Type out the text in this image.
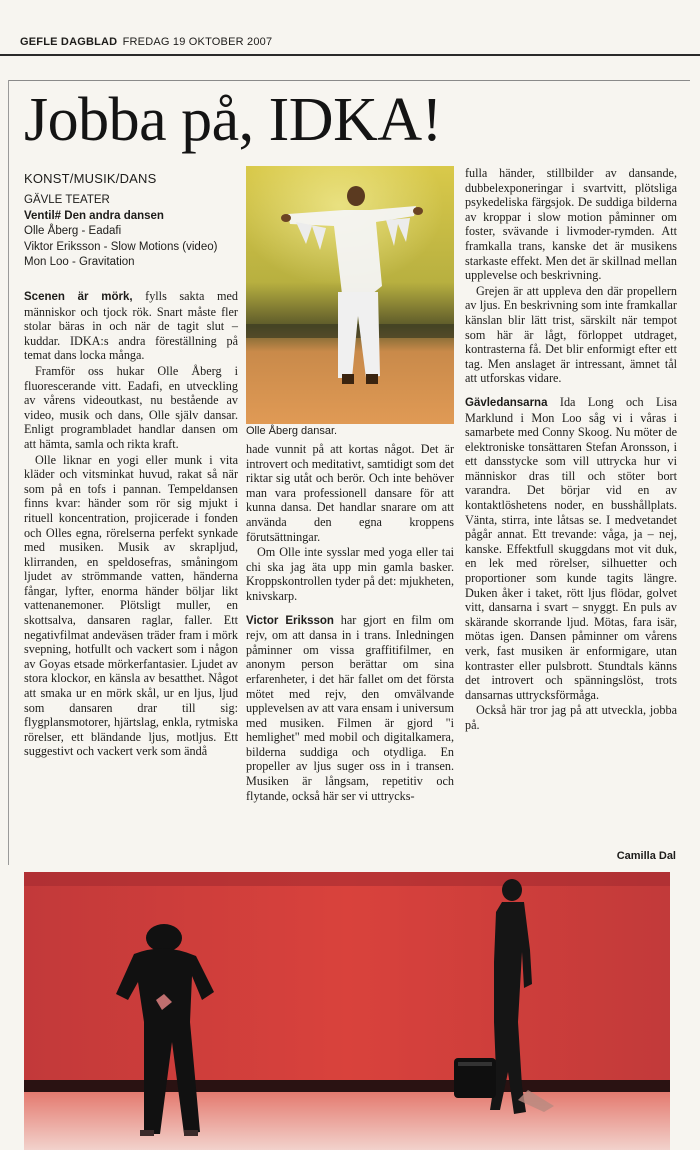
GEFLE DAGBLAD FREDAG 19 OKTOBER 2007
Jobba på, IDKA!
KONST/MUSIK/DANS
GÄVLE TEATER
Ventil# Den andra dansen
Olle Åberg - Eadafi
Viktor Eriksson - Slow Motions (video)
Mon Loo - Gravitation

Scenen är mörk, fylls sakta med människor och tjock rök. Snart måste fler stolar bäras in och när de tagit slut – kuddar. IDKA:s andra föreställning på temat dans locka många.

Framför oss hukar Olle Åberg i fluorescerande vitt. Eadafi, en utveckling av vårens videoutkast, nu bestående av video, musik och dans, Olle själv dansar. Enligt programbladet handlar dansen om att hämta, samla och rikta kraft.

Olle liknar en yogi eller munk i vita kläder och vitsminkat huvud, rakat så när som på en tofs i pannan. Tempeldansen finns kvar: händer som rör sig mjukt i rituell koncentration, projicerade i fonden och Olles egna, rörelserna perfekt synkade med musiken. Musik av skrapljud, klirranden, en speldosefras, småningom ljudet av strömmande vatten, händerna fångar, lyfter, enorma händer böljar likt vattenanemoner. Plötsligt muller, en skottsalva, dansaren raglar, faller. Ett negativfilmat andeväsen träder fram i mörk svepning, hotfullt och vackert som i någon av Goyas etsade mörkerfantasier. Ljudet av stora klockor, en känsla av besatthet. Något att smaka ur en mörk skål, ur en ljus, ljud som dansaren drar till sig: flygplansmotorer, hjärtslag, enkla, rytmiska rörelser, ett bländande ljus, motljus. Ett suggestivt och vackert verk som ändå

Olle Åberg dansar.

hade vunnit på att kortas något. Det är introvert och meditativt, samtidigt som det riktar sig utåt och berör. Och inte behöver man vara professionell dansare för att kunna dansa. Det handlar snarare om att använda den egna kroppens förutsättningar.

Om Olle inte sysslar med yoga eller tai chi ska jag äta upp min gamla basker. Kroppskontrollen tyder på det: mjukheten, knivskarp.

Victor Eriksson har gjort en film om rejv, om att dansa in i trans. Inledningen påminner om vissa graffitifilmer, en anonym person berättar om sina erfarenheter, i det här fallet om det första mötet med rejv, den omvälvande upplevelsen av att vara ensam i universum med musiken. Filmen är gjord "i hemlighet" med mobil och digitalkamera, bilderna suddiga och otydliga. En propeller av ljus suger oss in i transen. Musiken är långsam, repetitiv och flytande, också här ser vi uttrycks-

fulla händer, stillbilder av dansande, dubbelexponeringar i svartvitt, plötsliga psykedeliska färgsjok. De suddiga bilderna av kroppar i slow motion påminner om foster, svävande i livmoder-rymden. Att framkalla trans, kanske det är musikens starkaste effekt. Men det är skillnad mellan upplevelse och beskrivning.

Grejen är att uppleva den där propellern av ljus. En beskrivning som inte framkallar känslan blir lätt trist, särskilt när tempot som här är lågt, förloppet utdraget, kontrasterna få. Det blir enformigt efter ett tag. Men anslaget är intressant, ämnet tål att utforskas vidare.

Gävledansarna Ida Long och Lisa Marklund i Mon Loo såg vi i våras i samarbete med Conny Skoog. Nu möter de elektroniske tonsättaren Stefan Aronsson, i ett dansstycke som vill uttrycka hur vi människor dras till och stöter bort varandra. Det börjar vid en av kontaktlöshetens noder, en busshållplats. Vänta, stirra, inte låtsas se. I medvetandet pågår annat. Ett trevande: våga, ja – nej, kanske. Effektfull skuggdans mot vit duk, en lek med rörelser, silhuetter och proportioner som kunde tagits längre. Duken åker i taket, rött ljus flödar, golvet vitt, dansarna i svart – snyggt. En puls av skärande skorrande ljud. Mötas, fara isär, mötas igen. Dansen påminner om vårens verk, fast musiken är enformigare, utan kontraster eller pulsbrott. Stundtals känns det introvert och spänningslöst, trots dansarnas uttrycksförmåga.

Också här tror jag på att utveckla, jobba på.

Camilla Dal
